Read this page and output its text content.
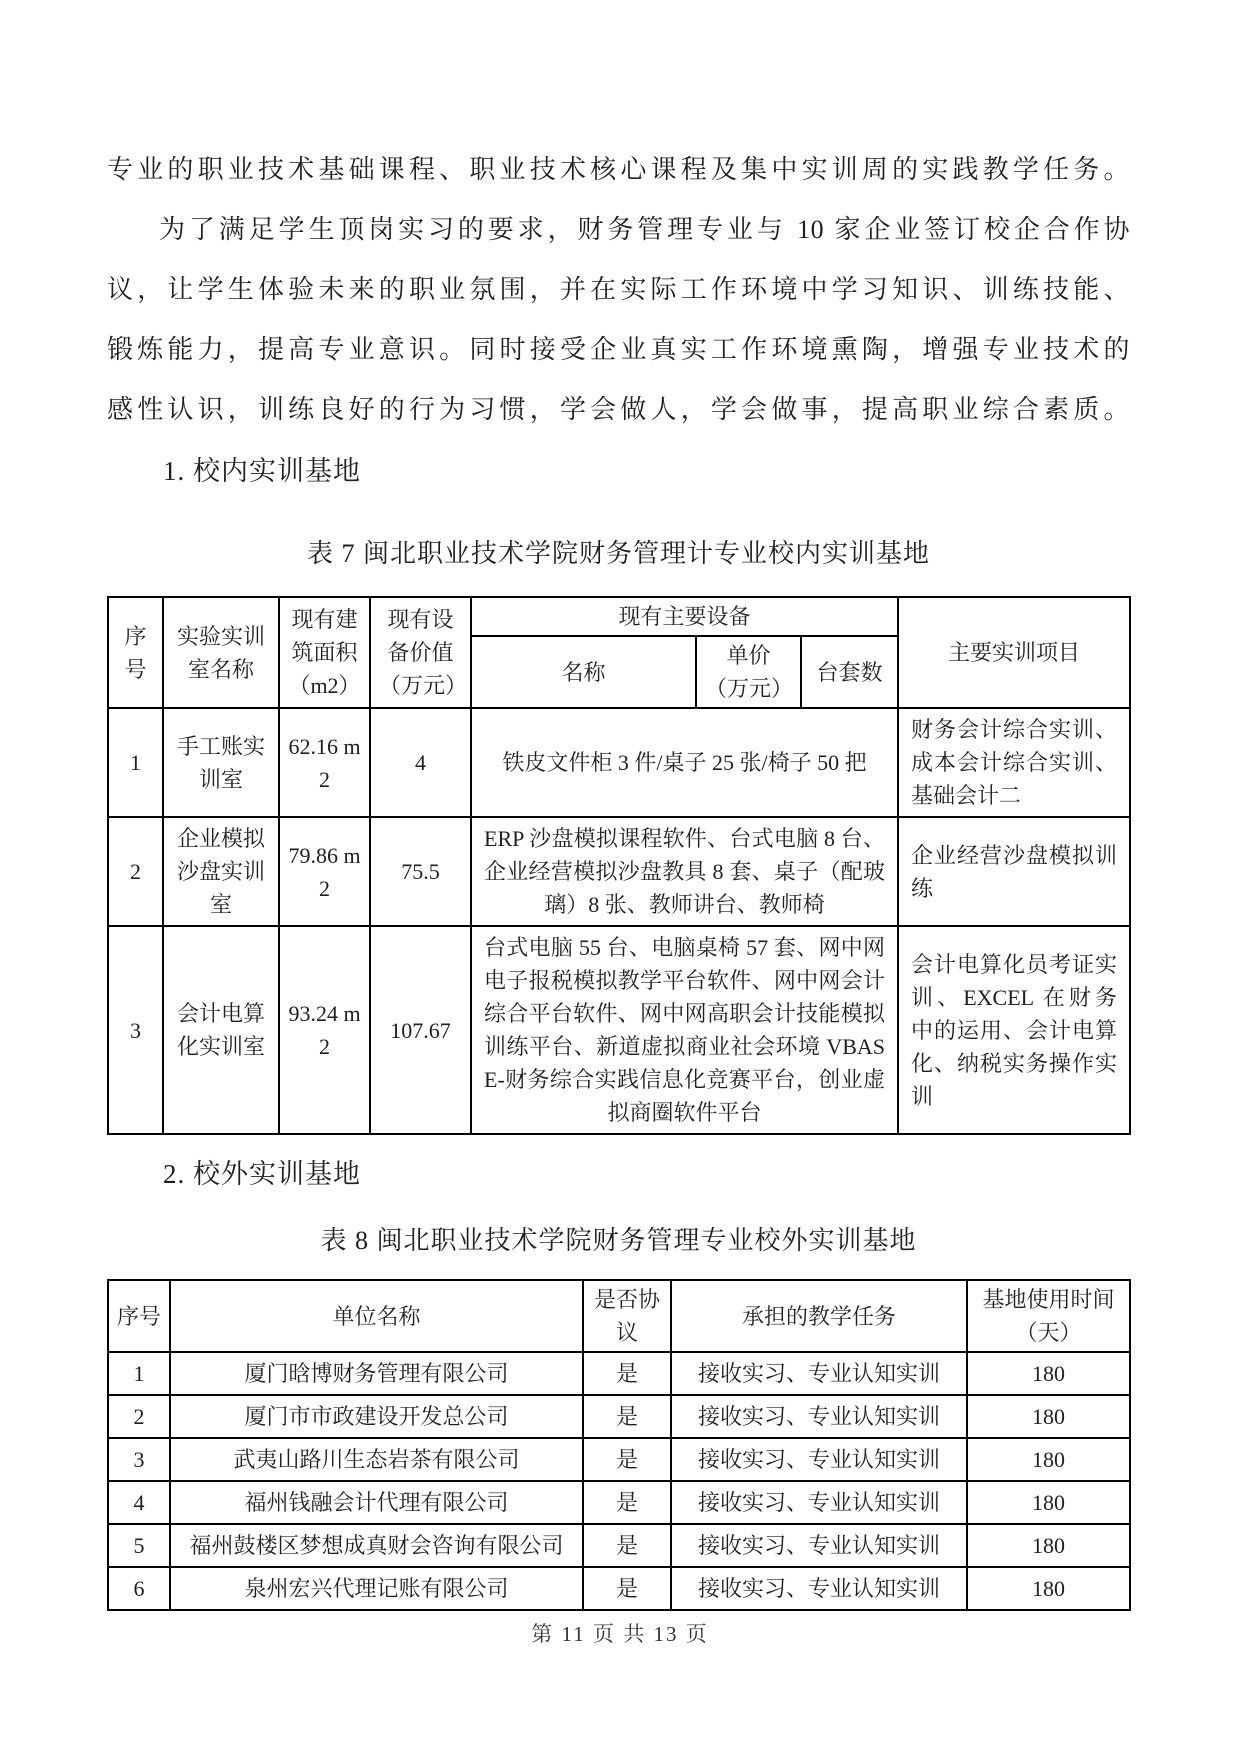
专业的职业技术基础课程、职业技术核心课程及集中实训周的实践教学任务。
为了满足学生顶岗实习的要求，财务管理专业与 10 家企业签订校企合作协
议，让学生体验未来的职业氛围，并在实际工作环境中学习知识、训练技能、
锻炼能力，提高专业意识。同时接受企业真实工作环境熏陶，增强专业技术的
感性认识，训练良好的行为习惯，学会做人，学会做事，提高职业综合素质。
1. 校内实训基地
表 7 闽北职业技术学院财务管理计专业校内实训基地
序号	实验实训室名称	现有建筑面积（m2）	现有设备价值（万元）	现有主要设备			主要实训项目
				名称	单价（万元）	台套数	
1	手工账实训室	62.16 m2	4	铁皮文件柜 3 件/桌子 25 张/椅子 50 把			财务会计综合实训、成本会计综合实训、基础会计二
2	企业模拟沙盘实训室	79.86 m2	75.5	ERP 沙盘模拟课程软件、台式电脑 8 台、企业经营模拟沙盘教具 8 套、桌子（配玻璃）8 张、教师讲台、教师椅			企业经营沙盘模拟训练
3	会计电算化实训室	93.24 m2	107.67	台式电脑 55 台、电脑桌椅 57 套、网中网电子报税模拟教学平台软件、网中网会计综合平台软件、网中网高职会计技能模拟训练平台、新道虚拟商业社会环境 VBASE-财务综合实践信息化竞赛平台，创业虚拟商圈软件平台			会计电算化员考证实训、EXCEL 在财务中的运用、会计电算化、纳税实务操作实训
2. 校外实训基地
表 8 闽北职业技术学院财务管理专业校外实训基地
序号	单位名称	是否协议	承担的教学任务	基地使用时间（天）
1	厦门晗博财务管理有限公司	是	接收实习、专业认知实训	180
2	厦门市市政建设开发总公司	是	接收实习、专业认知实训	180
3	武夷山路川生态岩茶有限公司	是	接收实习、专业认知实训	180
4	福州钱融会计代理有限公司	是	接收实习、专业认知实训	180
5	福州鼓楼区梦想成真财会咨询有限公司	是	接收实习、专业认知实训	180
6	泉州宏兴代理记账有限公司	是	接收实习、专业认知实训	180
第 11 页 共 13 页
